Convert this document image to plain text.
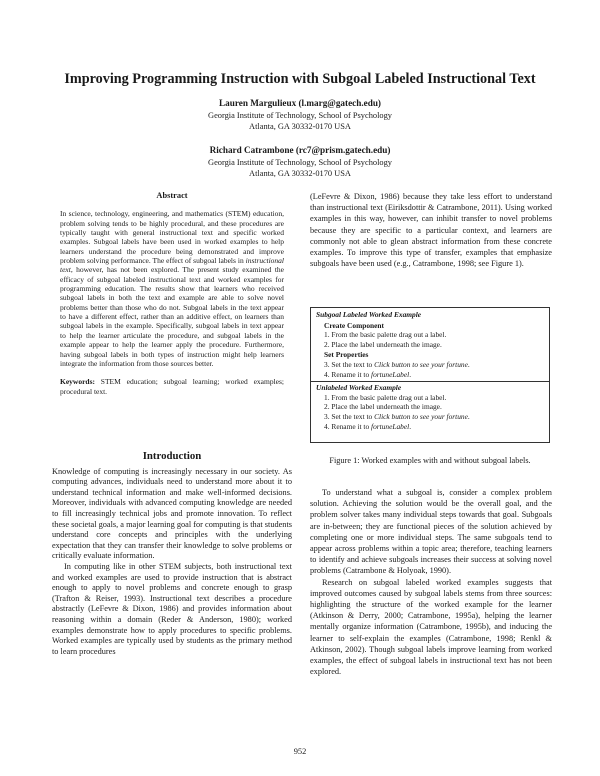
Improving Programming Instruction with Subgoal Labeled Instructional Text
Lauren Margulieux (l.marg@gatech.edu)
Georgia Institute of Technology, School of Psychology
Atlanta, GA 30332-0170 USA
Richard Catrambone (rc7@prism.gatech.edu)
Georgia Institute of Technology, School of Psychology
Atlanta, GA 30332-0170 USA
Abstract

In science, technology, engineering, and mathematics (STEM) education, problem solving tends to be highly procedural, and these procedures are typically taught with general instructional text and specific worked examples. Subgoal labels have been used in worked examples to help learners understand the procedure being demonstrated and improve problem solving performance. The effect of subgoal labels in instructional text, however, has not been explored. The present study examined the efficacy of subgoal labeled instructional text and worked examples for programming education. The results show that learners who received subgoal labels in both the text and example are able to solve novel problems better than those who do not. Subgoal labels in the text appear to have a different effect, rather than an additive effect, on learners than subgoal labels in the example. Specifically, subgoal labels in text appear to help the learner articulate the procedure, and subgoal labels in the example appear to help the learner apply the procedure. Furthermore, having subgoal labels in both types of instruction might help learners integrate the information from those sources better.

Keywords: STEM education; subgoal learning; worked examples; procedural text.

Introduction

Knowledge of computing is increasingly necessary in our society. As computing advances, individuals need to understand more about it to understand technical information and make well-informed decisions. Moreover, individuals with advanced computing knowledge are needed to fill increasingly technical jobs and promote innovation. To reflect these societal goals, a major learning goal for computing is that students understand core concepts and principles with the underlying expectation that they can transfer their knowledge to solve problems or critically evaluate information.

In computing like in other STEM subjects, both instructional text and worked examples are used to provide instruction that is abstract enough to apply to novel problems and concrete enough to grasp (Trafton & Reiser, 1993). Instructional text describes a procedure abstractly (LeFevre & Dixon, 1986) and provides information about reasoning within a domain (Reder & Anderson, 1980); worked examples demonstrate how to apply procedures to specific problems. Worked examples are typically used by students as the primary method to learn procedures

(LeFevre & Dixon, 1986) because they take less effort to understand than instructional text (Eiriksdottir & Catrambone, 2011). Using worked examples in this way, however, can inhibit transfer to novel problems because they are specific to a particular context, and learners are commonly not able to glean abstract information from these concrete examples. To improve this type of transfer, examples that emphasize subgoals have been used (e.g., Catrambone, 1998; see Figure 1).

Subgoal Labeled Worked Example
Create Component
1. From the basic palette drag out a label.
2. Place the label underneath the image.
Set Properties
3. Set the text to Click button to see your fortune.
4. Rename it to fortuneLabel.
Unlabeled Worked Example
1. From the basic palette drag out a label.
2. Place the label underneath the image.
3. Set the text to Click button to see your fortune.
4. Rename it to fortuneLabel.
Figure 1: Worked examples with and without subgoal labels.

To understand what a subgoal is, consider a complex problem solution. Achieving the solution would be the overall goal, and the problem solver takes many individual steps towards that goal. Subgoals are in-between; they are functional pieces of the solution achieved by completing one or more individual steps. The same subgoals tend to appear across problems within a topic area; therefore, teaching learners to identify and achieve subgoals increases their success at solving novel problems (Catrambone & Holyoak, 1990).

Research on subgoal labeled worked examples suggests that improved outcomes caused by subgoal labels stems from three sources: highlighting the structure of the worked example for the learner (Atkinson & Derry, 2000; Catrambone, 1995a), helping the learner mentally organize information (Catrambone, 1995b), and inducing the learner to self-explain the examples (Catrambone, 1998; Renkl & Atkinson, 2002). Though subgoal labels improve learning from worked examples, the effect of subgoal labels in instructional text has not been explored.

952
